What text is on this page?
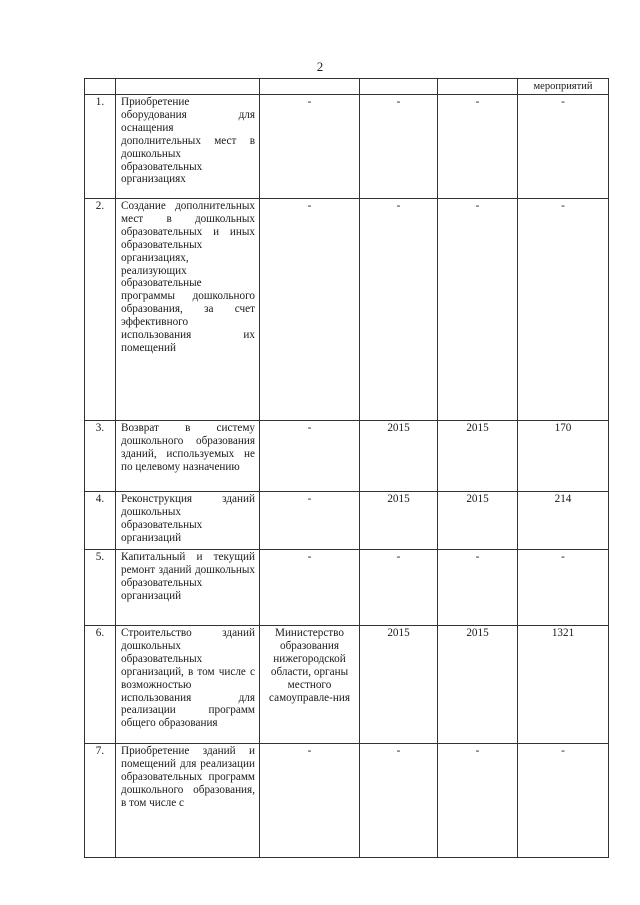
2
					мероприятий
1.	Приобретение оборудования для оснащения дополнительных мест в дошкольных образовательных организациях	-	-	-	-
2.	Создание дополнительных мест в дошкольных образовательных и иных образовательных организациях, реализующих образовательные программы дошкольного образования, за счет эффективного использования их помещений	-	-	-	-
3.	Возврат в систему дошкольного образования зданий, используемых не по целевому назначению	-	2015	2015	170
4.	Реконструкция зданий дошкольных образовательных организаций	-	2015	2015	214
5.	Капитальный и текущий ремонт зданий дошкольных образовательных организаций	-	-	-	-
6.	Строительство зданий дошкольных образовательных организаций, в том числе с возможностью использования для реализации программ общего образования	Министерство образования нижегородской области, органы местного самоуправле-ния	2015	2015	1321
7.	Приобретение зданий и помещений для реализации образовательных программ дошкольного образования, в том числе с	-	-	-	-
